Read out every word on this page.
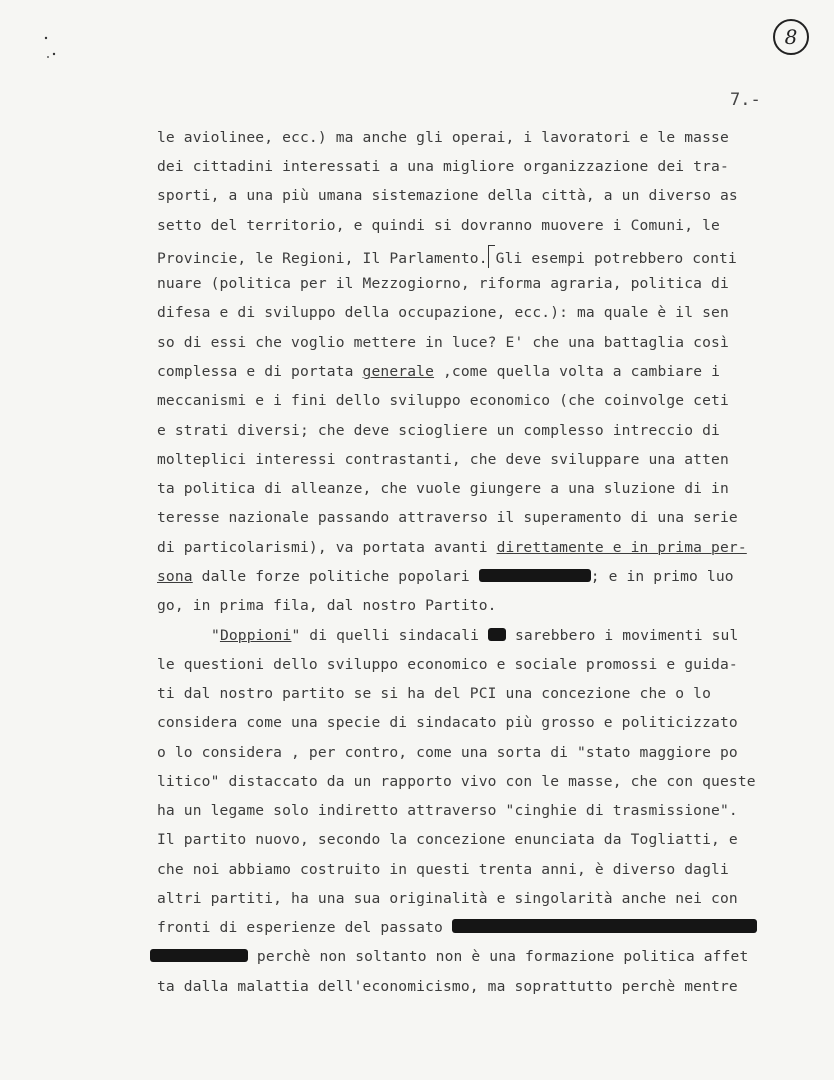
8
7.-
le aviolinee, ecc.) ma anche gli operai, i lavoratori e le masse
dei cittadini interessati a una migliore organizzazione dei tra-
sporti, a una più umana sistemazione della città, a un diverso as
setto del territorio, e quindi si dovranno muovere i Comuni, le
Provincie, le Regioni, Il Parlamento. Gli esempi potrebbero conti
nuare (politica per il Mezzogiorno, riforma agraria, politica di
difesa e di sviluppo della occupazione, ecc.): ma quale è il sen
so di essi che voglio mettere in luce? E' che una battaglia così
complessa e di portata generale ,come quella volta a cambiare i
meccanismi e i fini dello sviluppo economico (che coinvolge ceti
e strati diversi; che deve sciogliere un complesso intreccio di
molteplici interessi contrastanti, che deve sviluppare una atten
ta politica di alleanze, che vuole giungere a una sluzione di in
teresse nazionale passando attraverso il superamento di una serie
di particolarismi), va portata avanti direttamente e in prima per-
sona dalle forze politiche popolari	; e in primo luo
go, in prima fila, dal nostro Partito.
"Doppioni" di quelli sindacali  sarebbero i movimenti sul
le questioni dello sviluppo economico e sociale promossi e guida-
ti dal nostro partito se si ha del PCI una concezione che o lo
considera come una specie di sindacato più grosso e politicizzato
o lo considera , per contro, come una sorta di "stato maggiore po
litico" distaccato da un rapporto vivo con le masse, che con queste
ha un legame solo indiretto attraverso "cinghie di trasmissione".
Il partito nuovo, secondo la concezione enunciata da Togliatti, e
che noi abbiamo costruito in questi trenta anni, è diverso dagli
altri partiti, ha una sua originalità e singolarità anche nei con
fronti di esperienze del passato
perchè non soltanto non è una formazione politica affet
ta dalla malattia dell'economicismo, ma soprattutto perchè mentre
